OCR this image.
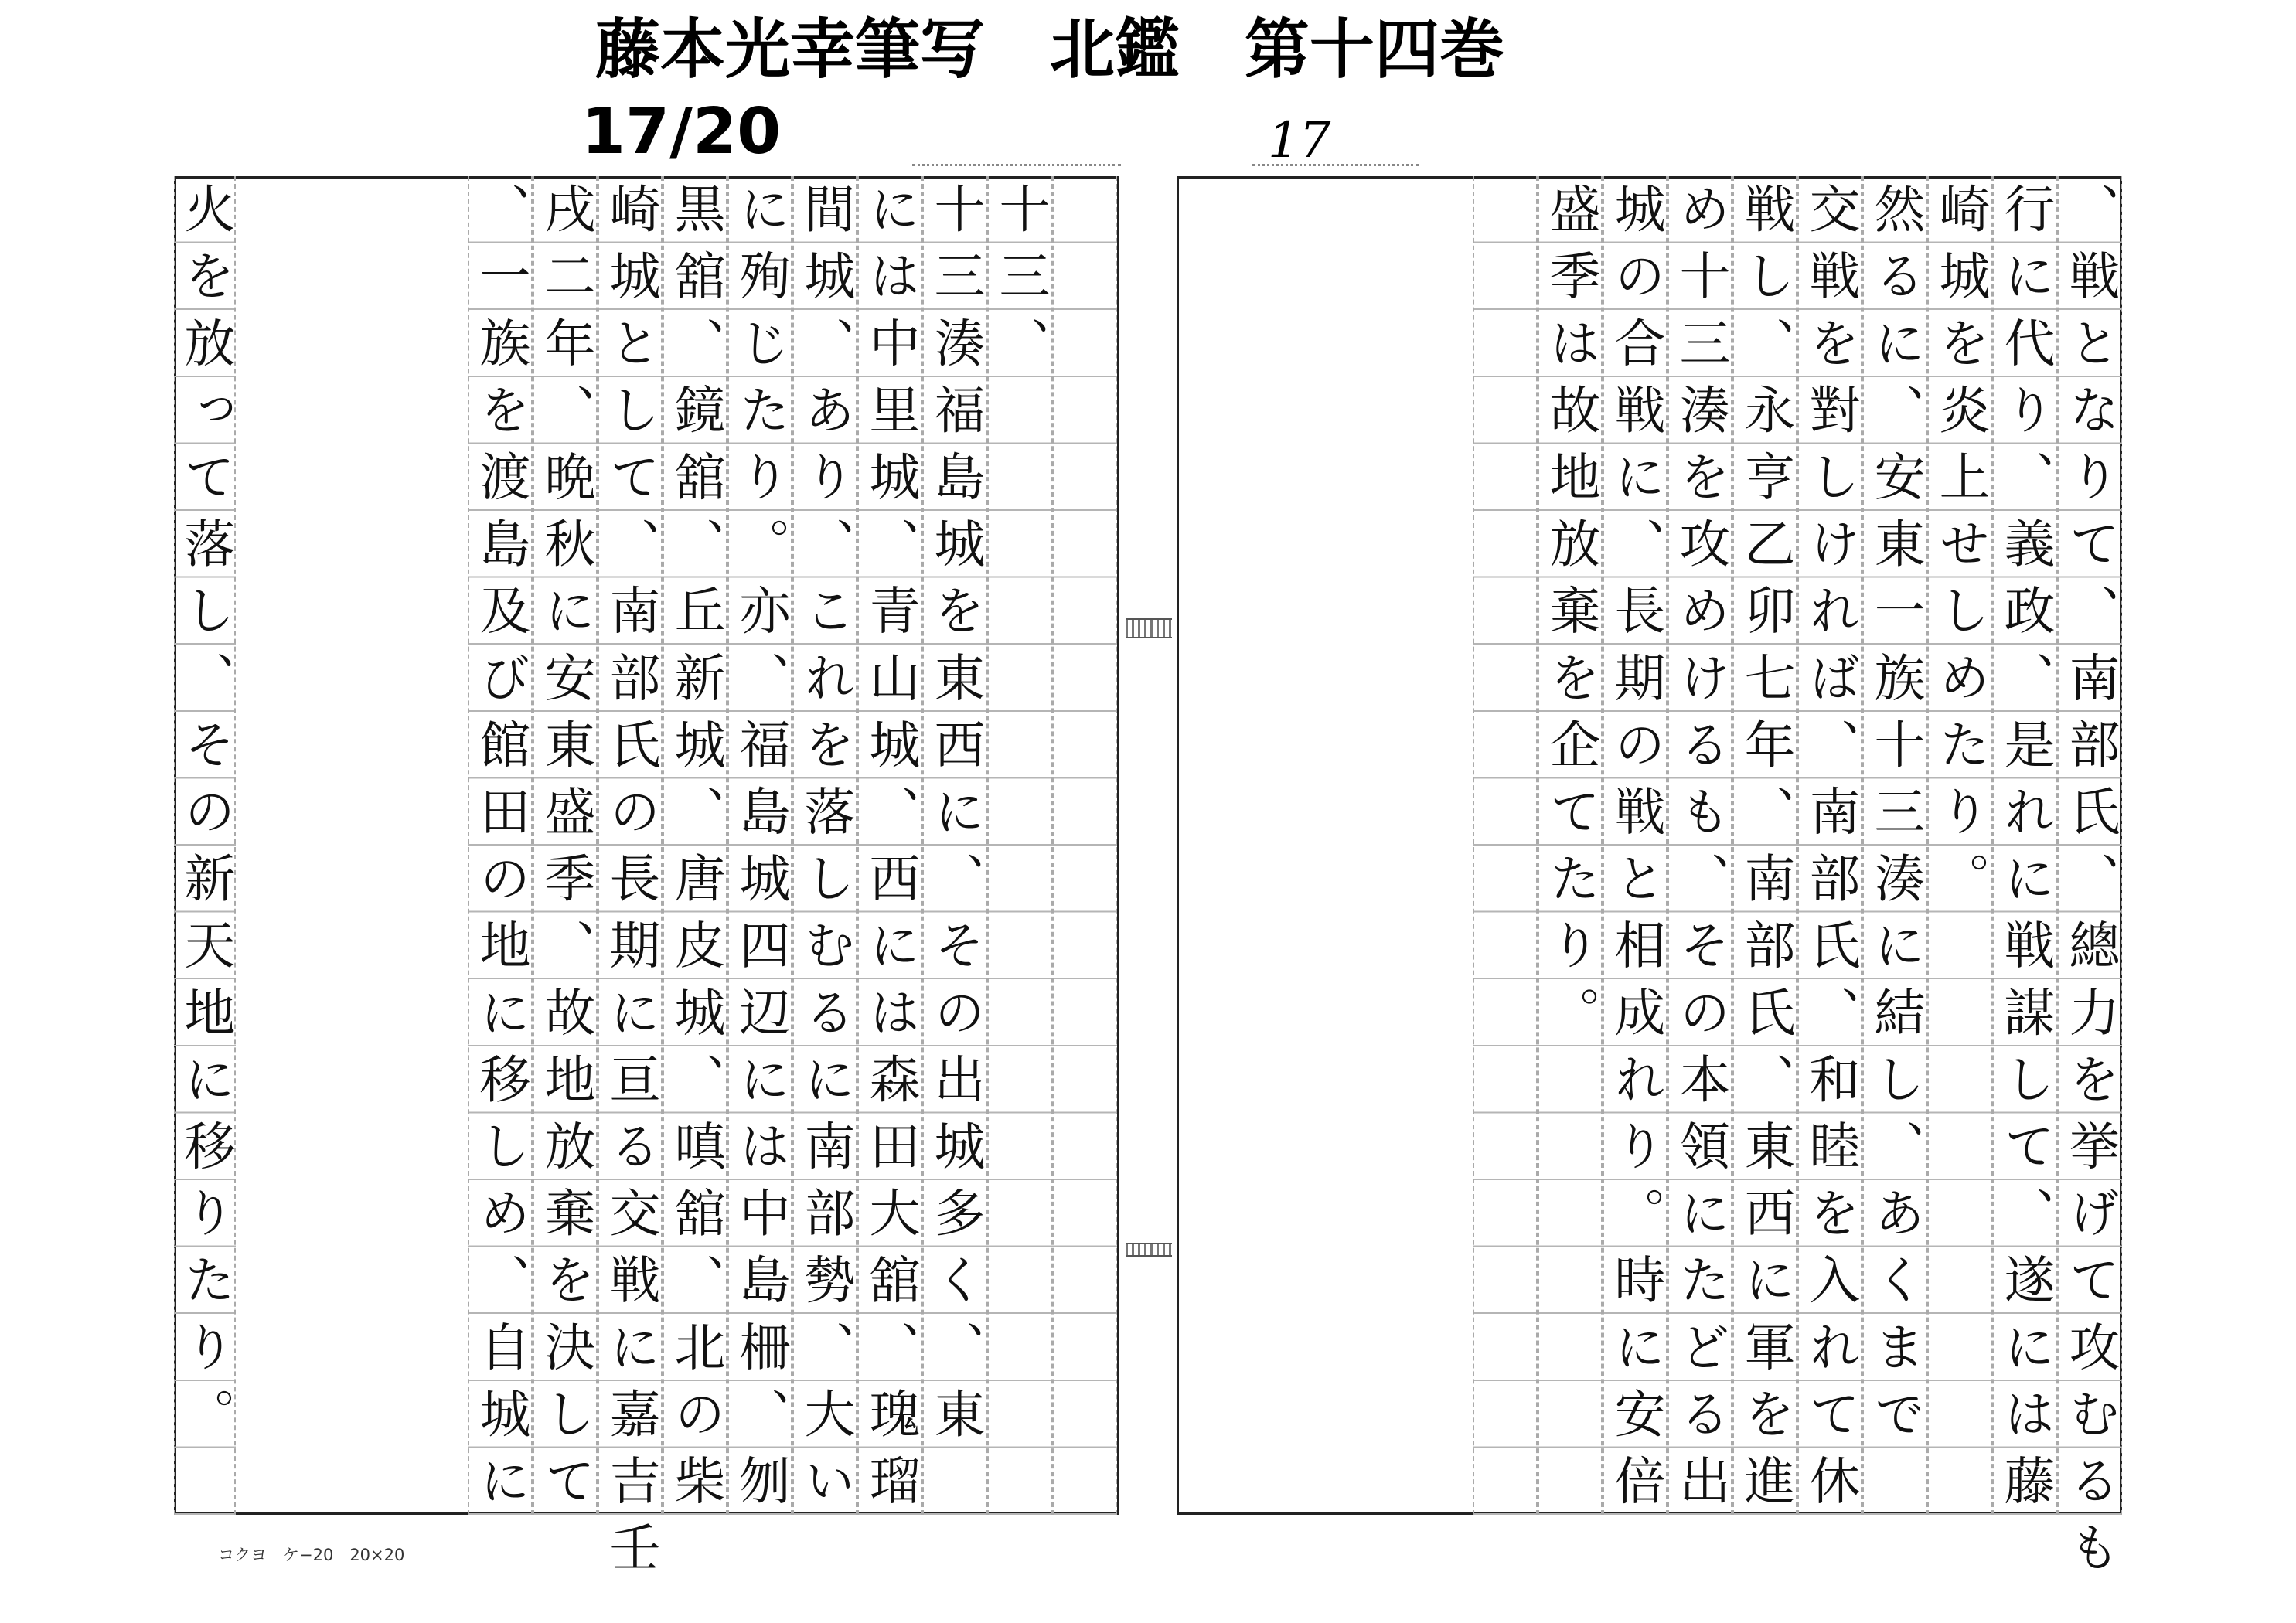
藤本光幸筆写　北鑑　第十四巻
17/20	17
、戦となりて、南部氏、總力を挙げて攻むるも
行に代り、義政、是れに戦謀して、遂には藤
崎城を炎上せしめたり。
然るに、安東一族十三湊に結し、あくまで
交戦を對しければ、南部氏、和睦を入れて休
戦し、永亨乙卯七年、南部氏、東西に軍を進
め十三湊を攻めけるも、その本領にたどる出
城の合戦に、長期の戦と相成れり。時に安倍
盛季は故地放棄を企てたり。
十三、
十三湊福島城を東西に、その出城多く、東
には中里城、青山城、西には森田大舘、瑰瑠
間城、あり、これを落しむるに南部勢、大い
に殉じたり。亦、福島城四辺には中島柵、刎
黒舘、鏡舘、丘新城、唐皮城、嗔舘、北の柴
崎城として、南部氏の長期に亘る交戦に嘉吉壬
戌二年、晩秋に安東盛季、故地放棄を決して
、一族を渡島及び館田の地に移しめ、自城に
火を放って落し、その新天地に移りたり。
コクヨ　ケ−20　20×20
